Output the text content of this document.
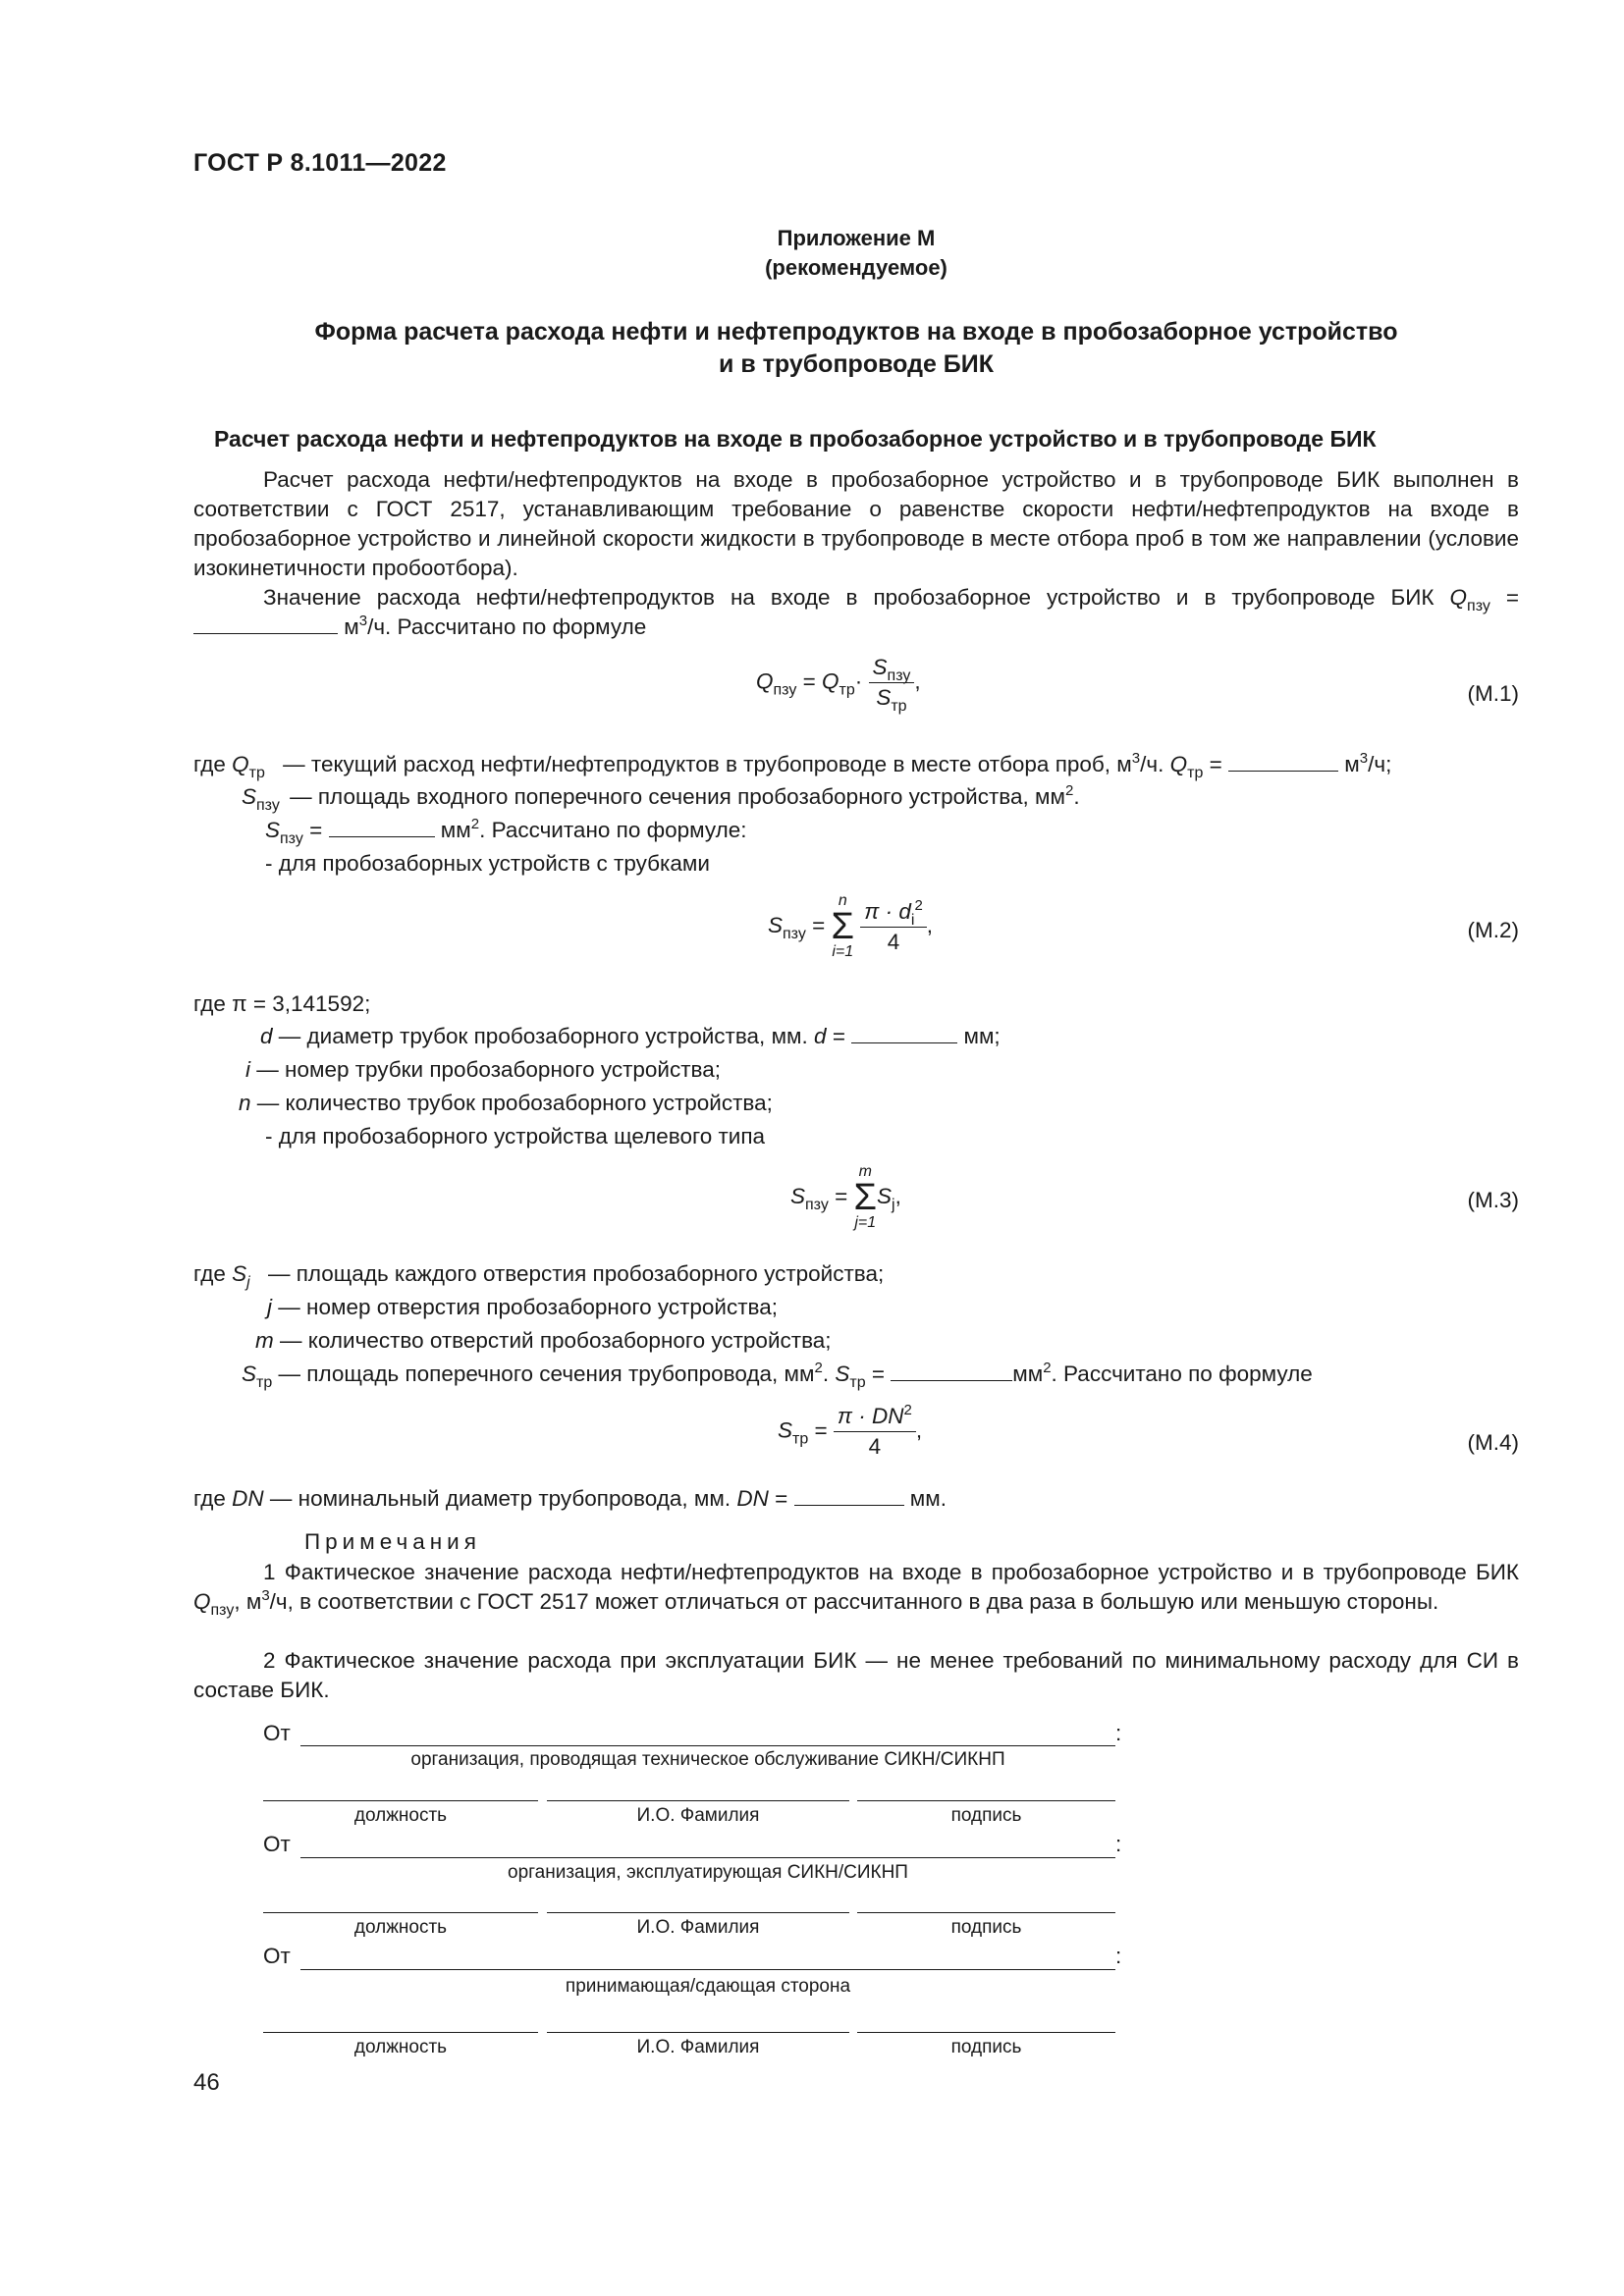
ГОСТ Р 8.1011—2022
Приложение М
(рекомендуемое)
Форма расчета расхода нефти и нефтепродуктов на входе в пробозаборное устройство
и в трубопроводе БИК
Расчет расхода нефти и нефтепродуктов на входе в пробозаборное устройство и в трубопроводе БИК
Расчет расхода нефти/нефтепродуктов на входе в пробозаборное устройство и в трубопроводе БИК выполнен в соответствии с ГОСТ 2517, устанавливающим требование о равенстве скорости нефти/нефтепродуктов на входе в пробозаборное устройство и линейной скорости жидкости в трубопроводе в месте отбора проб в том же направлении (условие изокинетичности пробоотбора).
Значение расхода нефти/нефтепродуктов на входе в пробозаборное устройство и в трубопроводе БИК $Q_{пзу} = м^3/ч$. Рассчитано по формуле
$Q_{пзу} = Q_{тр}\cdot \frac{S_{пзу}}{S_{тр}}$ ,
(М.1)
где $Q_{тр}$ — текущий расход нефти/нефтепродуктов в трубопроводе в месте отбора проб, $м^3/ч$. $Q_{тр}$ =	$м^3/ч$;
$S_{пзу}$ — площадь входного поперечного сечения пробозаборного устройства, $мм^2$.
$S_{пзу}$ =	$мм^2$. Рассчитано по формуле:
- для пробозаборных устройств с трубками
$S_{пзу}$ =
n
Σ
i=1
$\frac{\pi \cdot d_i^2}{4}$ ,	(М.2)
где π = 3,141592;
d — диаметр трубок пробозаборного устройства, мм. d =	мм;
i — номер трубки пробозаборного устройства;
n — количество трубок пробозаборного устройства;
- для пробозаборного устройства щелевого типа
$S_{пзу}$ =
m
Σ
j=1
$S_j$,	(М.3)
где $S_j$ — площадь каждого отверстия пробозаборного устройства;
j — номер отверстия пробозаборного устройства;
m — количество отверстий пробозаборного устройства;
$S_{тр}$ — площадь поперечного сечения трубопровода, $мм^2$. $S_{тр}$ =	$мм^2$. Рассчитано по формуле
$S_{тр} = \frac{\pi \cdot DN^2}{4}$ ,
(М.4)
где DN — номинальный диаметр трубопровода, мм. DN =	мм.
Примечания
1 Фактическое значение расхода нефти/нефтепродуктов на входе в пробозаборное устройство и в трубопроводе БИК $Q_{пзу}$, $м^3/ч$, в соответствии с ГОСТ 2517 может отличаться от рассчитанного в два раза в большую или меньшую стороны.
2 Фактическое значение расхода при эксплуатации БИК — не менее требований по минимальному расходу для СИ в составе БИК.
От	:
организация, проводящая техническое обслуживание СИКН/СИКНП
должность	И.О. Фамилия	подпись
От	:
организация, эксплуатирующая СИКН/СИКНП
должность	И.О. Фамилия	подпись
От	:
принимающая/сдающая сторона
должность	И.О. Фамилия	подпись
46
